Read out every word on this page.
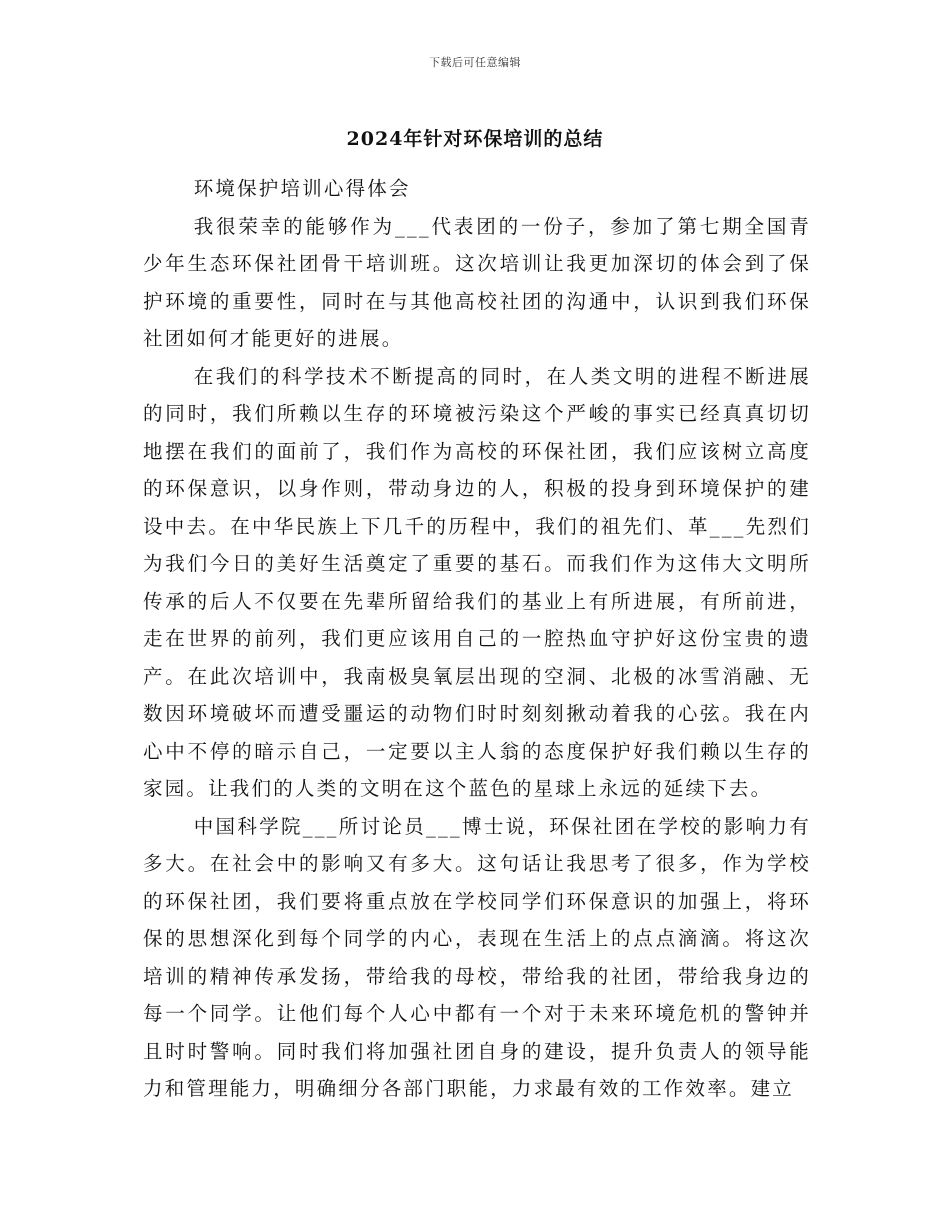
下载后可任意编辑
2024年针对环保培训的总结

环境保护培训心得体会

我很荣幸的能够作为___代表团的一份子，参加了第七期全国青少年生态环保社团骨干培训班。这次培训让我更加深切的体会到了保护环境的重要性，同时在与其他高校社团的沟通中，认识到我们环保社团如何才能更好的进展。

在我们的科学技术不断提高的同时，在人类文明的进程不断进展的同时，我们所赖以生存的环境被污染这个严峻的事实已经真真切切地摆在我们的面前了，我们作为高校的环保社团，我们应该树立高度的环保意识，以身作则，带动身边的人，积极的投身到环境保护的建设中去。在中华民族上下几千的历程中，我们的祖先们、革___先烈们为我们今日的美好生活奠定了重要的基石。而我们作为这伟大文明所传承的后人不仅要在先辈所留给我们的基业上有所进展，有所前进，走在世界的前列，我们更应该用自己的一腔热血守护好这份宝贵的遗产。在此次培训中，我南极臭氧层出现的空洞、北极的冰雪消融、无数因环境破坏而遭受噩运的动物们时时刻刻揪动着我的心弦。我在内心中不停的暗示自己，一定要以主人翁的态度保护好我们赖以生存的家园。让我们的人类的文明在这个蓝色的星球上永远的延续下去。

中国科学院___所讨论员___博士说，环保社团在学校的影响力有多大。在社会中的影响又有多大。这句话让我思考了很多，作为学校的环保社团，我们要将重点放在学校同学们环保意识的加强上，将环保的思想深化到每个同学的内心，表现在生活上的点点滴滴。将这次培训的精神传承发扬，带给我的母校，带给我的社团，带给我身边的每一个同学。让他们每个人心中都有一个对于未来环境危机的警钟并且时时警响。同时我们将加强社团自身的建设，提升负责人的领导能力和管理能力，明确细分各部门职能，力求最有效的工作效率。建立
